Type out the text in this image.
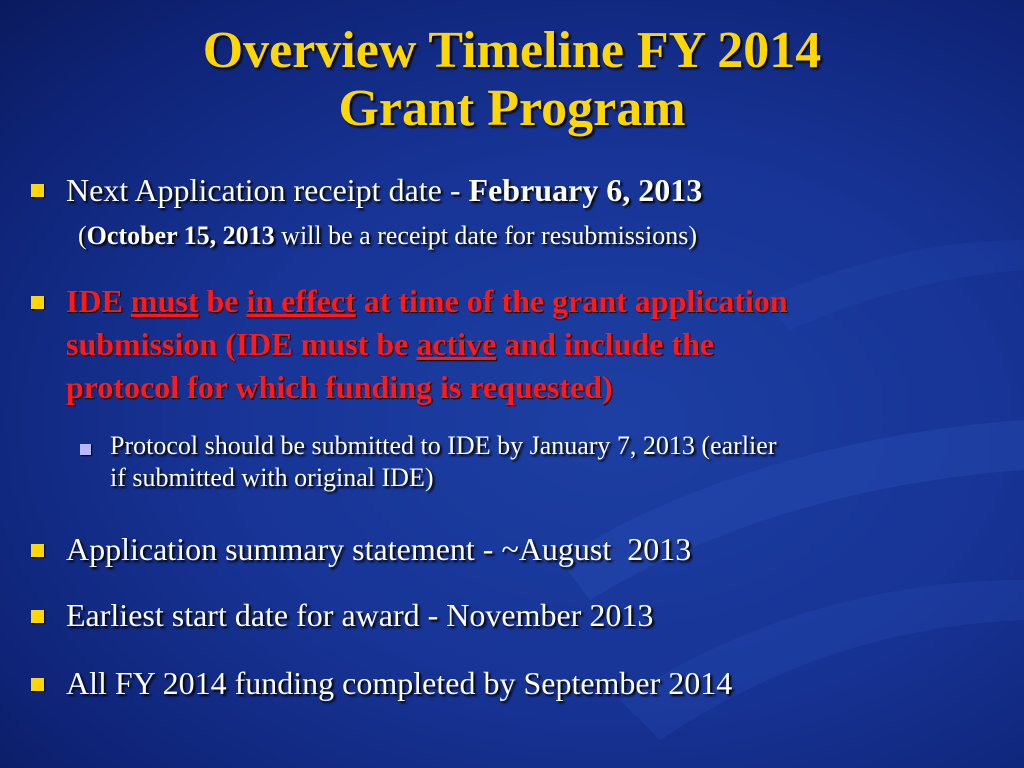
Overview Timeline FY 2014
Grant Program
Next Application receipt date - February 6, 2013
(October 15, 2013 will be a receipt date for resubmissions)
IDE must be in effect at time of the grant application
submission (IDE must be active and include the
protocol for which funding is requested)
Protocol should be submitted to IDE by January 7, 2013 (earlier
if submitted with original IDE)
Application summary statement - ~August  2013
Earliest start date for award - November 2013
All FY 2014 funding completed by September 2014
